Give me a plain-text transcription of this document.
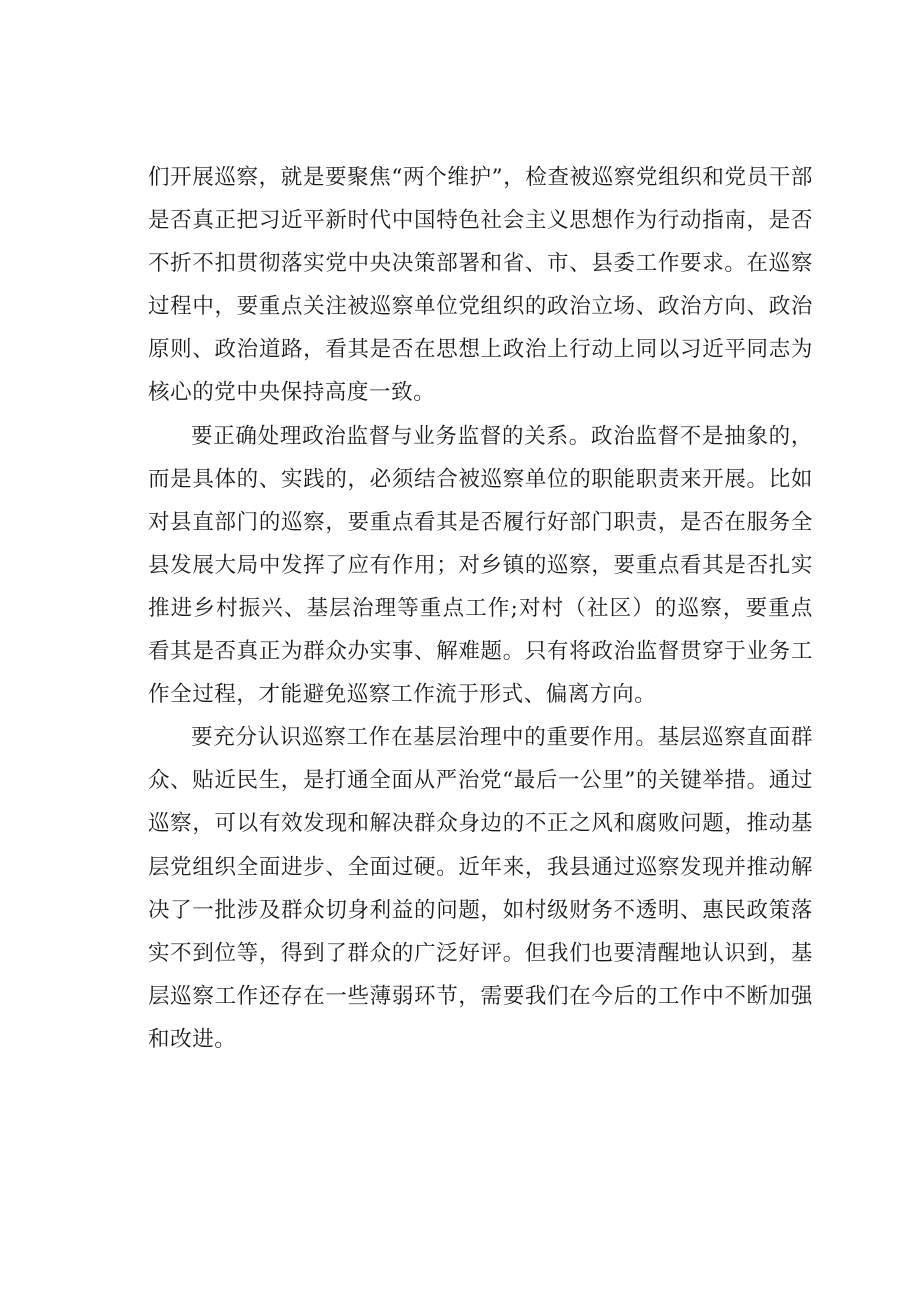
们开展巡察，就是要聚焦“两个维护”，检查被巡察党组织和党员干部是否真正把习近平新时代中国特色社会主义思想作为行动指南，是否不折不扣贯彻落实党中央决策部署和省、市、县委工作要求。在巡察过程中，要重点关注被巡察单位党组织的政治立场、政治方向、政治原则、政治道路，看其是否在思想上政治上行动上同以习近平同志为核心的党中央保持高度一致。

要正确处理政治监督与业务监督的关系。政治监督不是抽象的，而是具体的、实践的，必须结合被巡察单位的职能职责来开展。比如对县直部门的巡察，要重点看其是否履行好部门职责，是否在服务全县发展大局中发挥了应有作用；对乡镇的巡察，要重点看其是否扎实推进乡村振兴、基层治理等重点工作;对村（社区）的巡察，要重点看其是否真正为群众办实事、解难题。只有将政治监督贯穿于业务工作全过程，才能避免巡察工作流于形式、偏离方向。

要充分认识巡察工作在基层治理中的重要作用。基层巡察直面群众、贴近民生，是打通全面从严治党“最后一公里”的关键举措。通过巡察，可以有效发现和解决群众身边的不正之风和腐败问题，推动基层党组织全面进步、全面过硬。近年来，我县通过巡察发现并推动解决了一批涉及群众切身利益的问题，如村级财务不透明、惠民政策落实不到位等，得到了群众的广泛好评。但我们也要清醒地认识到，基层巡察工作还存在一些薄弱环节，需要我们在今后的工作中不断加强和改进。
